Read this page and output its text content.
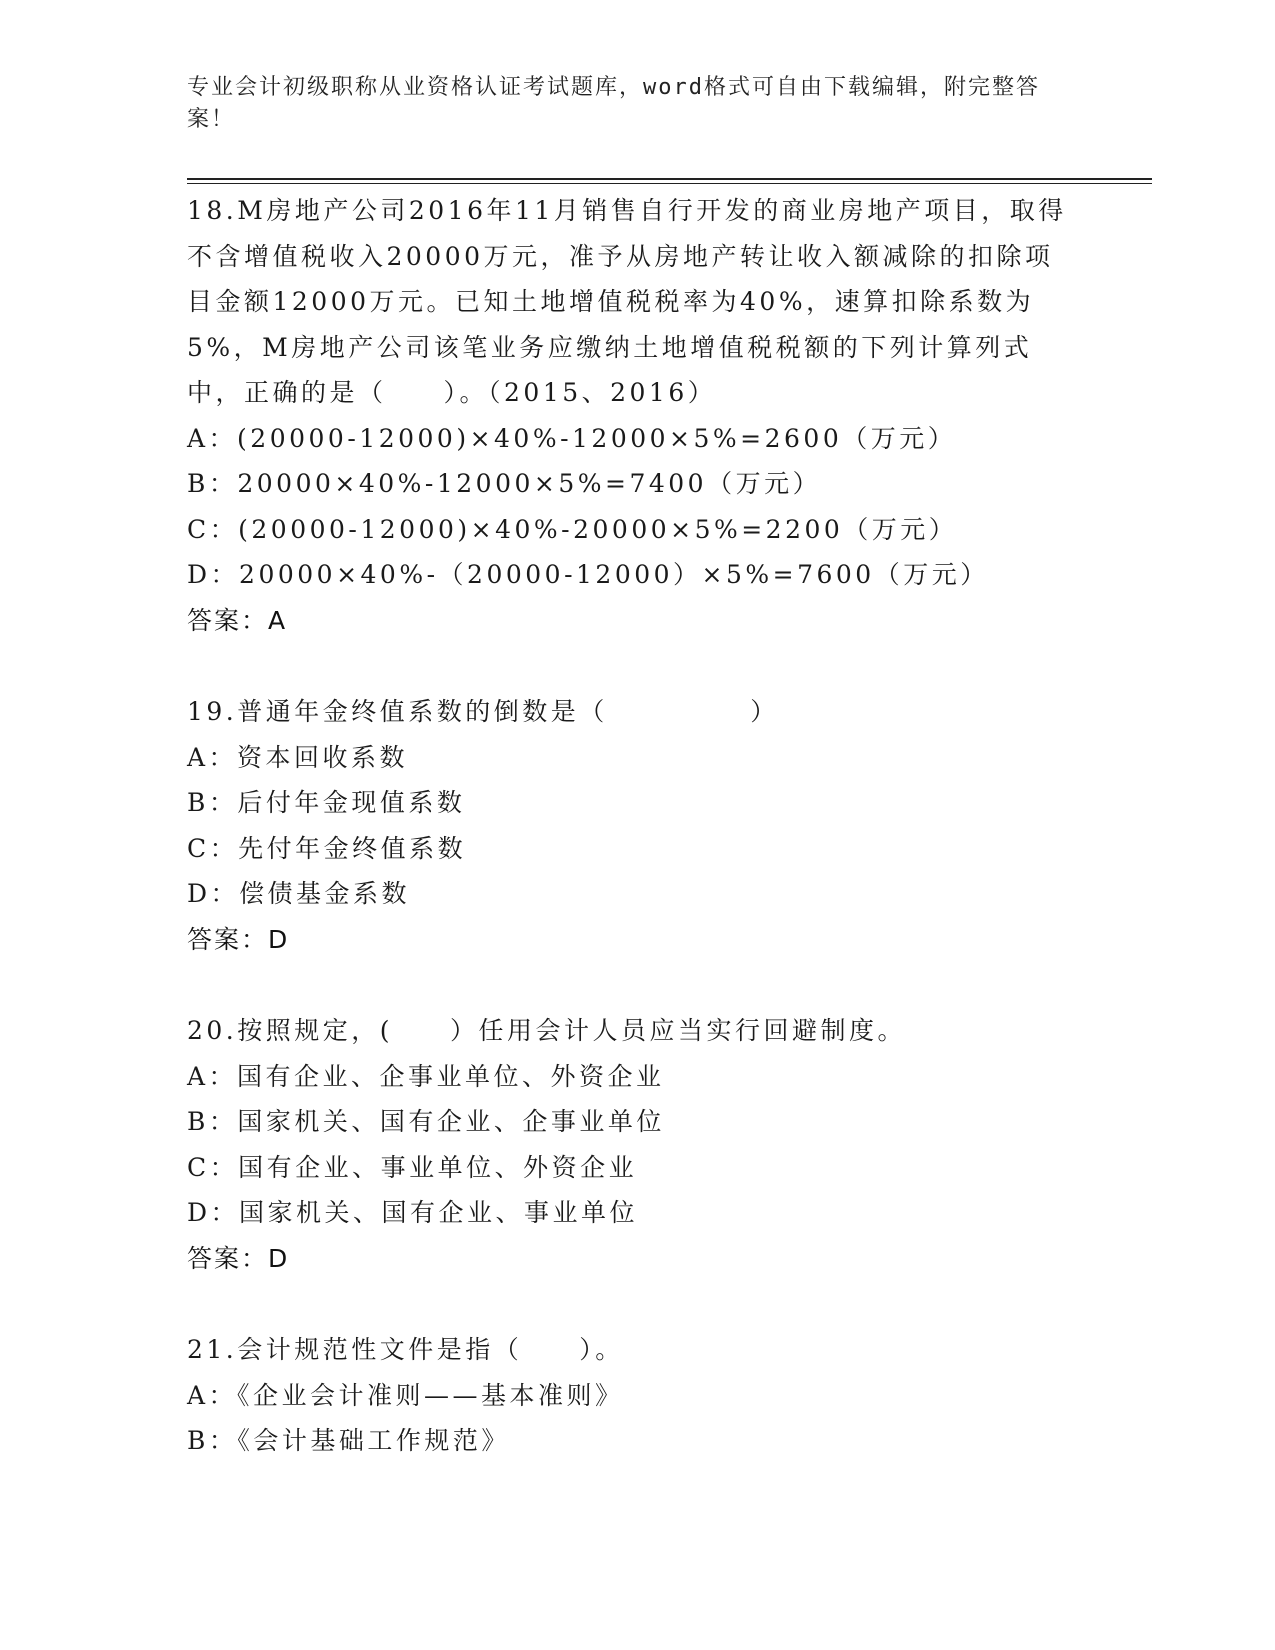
专业会计初级职称从业资格认证考试题库，word格式可自由下载编辑，附完整答案！
18.M房地产公司2016年11月销售自行开发的商业房地产项目，取得不含增值税收入20000万元，准予从房地产转让收入额减除的扣除项目金额12000万元。已知土地增值税税率为40%，速算扣除系数为5%，M房地产公司该笔业务应缴纳土地增值税税额的下列计算列式中，正确的是（　　）。（2015、2016）
A：(20000-12000)×40%-12000×5%=2600（万元）
B：20000×40%-12000×5%=7400（万元）
C：(20000-12000)×40%-20000×5%=2200（万元）
D：20000×40%-（20000-12000）×5%=7600（万元）
答案：A
19.普通年金终值系数的倒数是（　　　　　）
A：资本回收系数
B：后付年金现值系数
C：先付年金终值系数
D：偿债基金系数
答案：D
20.按照规定，(　　）任用会计人员应当实行回避制度。
A：国有企业、企事业单位、外资企业
B：国家机关、国有企业、企事业单位
C：国有企业、事业单位、外资企业
D：国家机关、国有企业、事业单位
答案：D
21.会计规范性文件是指（　　）。
A：《企业会计准则——基本准则》
B：《会计基础工作规范》
